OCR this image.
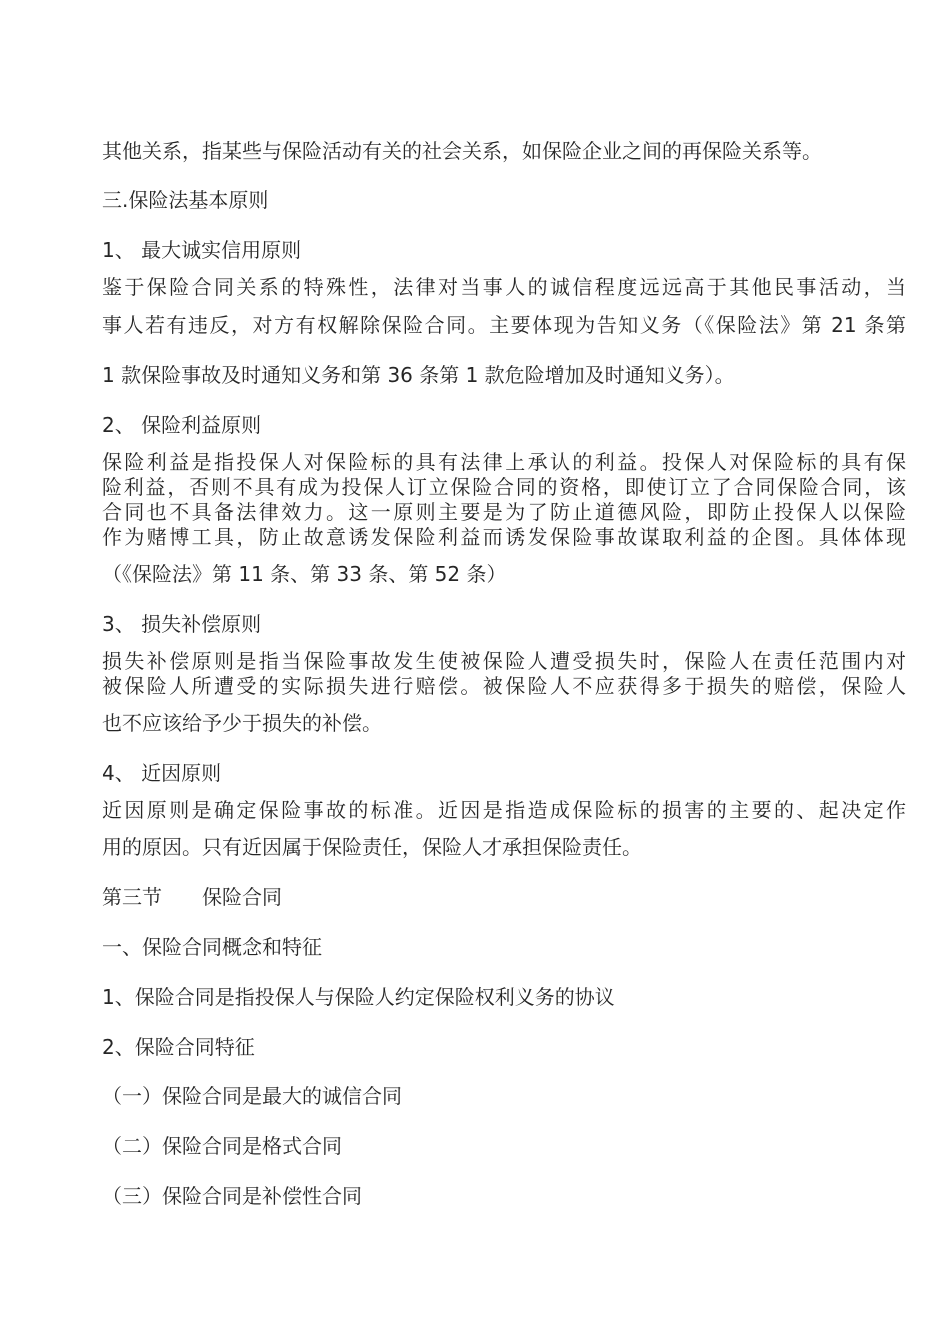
其他关系，指某些与保险活动有关的社会关系，如保险企业之间的再保险关系等。
三.保险法基本原则
1、 最大诚实信用原则
鉴于保险合同关系的特殊性，法律对当事人的诚信程度远远高于其他民事活动，当
事人若有违反，对方有权解除保险合同。主要体现为告知义务（《保险法》第 21 条第
1 款保险事故及时通知义务和第 36 条第 1 款危险增加及时通知义务）。
2、 保险利益原则
保险利益是指投保人对保险标的具有法律上承认的利益。投保人对保险标的具有保
险利益，否则不具有成为投保人订立保险合同的资格，即使订立了合同保险合同，该
合同也不具备法律效力。这一原则主要是为了防止道德风险，即防止投保人以保险
作为赌博工具，防止故意诱发保险利益而诱发保险事故谋取利益的企图。具体体现
（《保险法》第 11 条、第 33 条、第 52 条）
3、 损失补偿原则
损失补偿原则是指当保险事故发生使被保险人遭受损失时，保险人在责任范围内对
被保险人所遭受的实际损失进行赔偿。被保险人不应获得多于损失的赔偿，保险人
也不应该给予少于损失的补偿。
4、 近因原则
近因原则是确定保险事故的标准。近因是指造成保险标的损害的主要的、起决定作
用的原因。只有近因属于保险责任，保险人才承担保险责任。
第三节　　保险合同
一、保险合同概念和特征
1、保险合同是指投保人与保险人约定保险权利义务的协议
2、保险合同特征
（一）保险合同是最大的诚信合同
（二）保险合同是格式合同
（三）保险合同是补偿性合同
